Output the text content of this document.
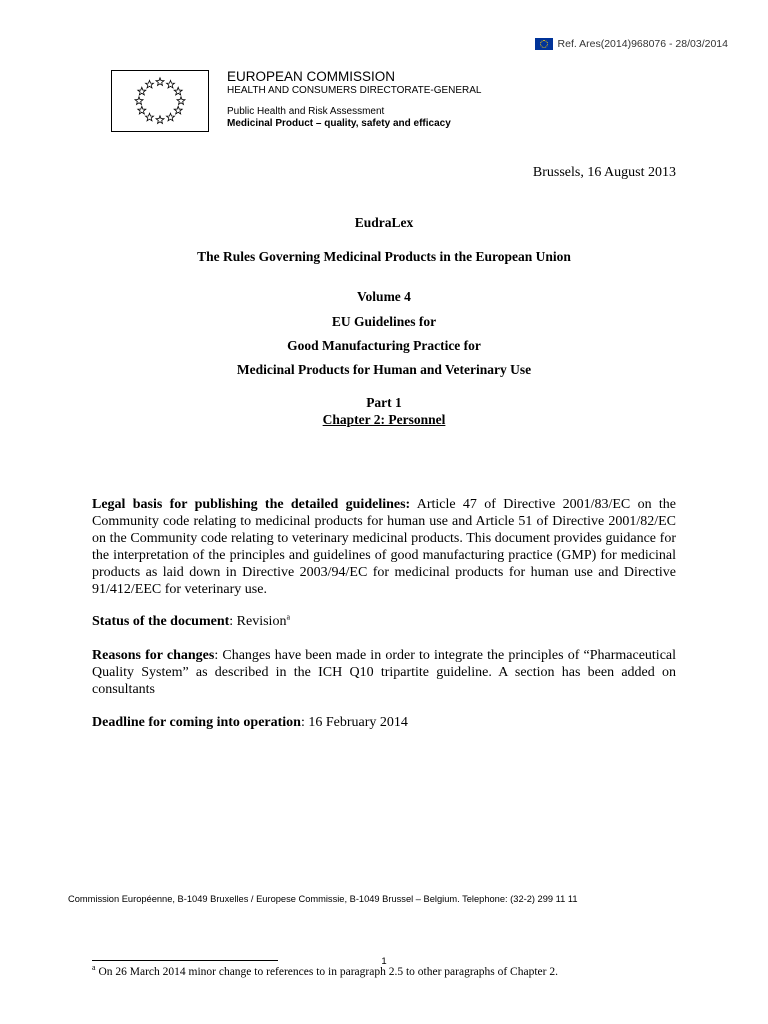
Ref. Ares(2014)968076 - 28/03/2014
EUROPEAN COMMISSION
HEALTH AND CONSUMERS DIRECTORATE-GENERAL
Public Health and Risk Assessment
Medicinal Product – quality, safety and efficacy
Brussels, 16 August 2013
EudraLex
The Rules Governing Medicinal Products in the European Union
Volume 4
EU Guidelines for
Good Manufacturing Practice for
Medicinal Products for Human and Veterinary Use
Part 1
Chapter 2: Personnel
Legal basis for publishing the detailed guidelines: Article 47 of Directive 2001/83/EC on the Community code relating to medicinal products for human use and Article 51 of Directive 2001/82/EC on the Community code relating to veterinary medicinal products. This document provides guidance for the interpretation of the principles and guidelines of good manufacturing practice (GMP) for medicinal products as laid down in Directive 2003/94/EC for medicinal products for human use and Directive 91/412/EEC for veterinary use.
Status of the document: Revision$^a$
Reasons for changes: Changes have been made in order to integrate the principles of “Pharmaceutical Quality System” as described in the ICH Q10 tripartite guideline. A section has been added on consultants
Deadline for coming into operation: 16 February 2014
Commission Européenne, B-1049 Bruxelles / Europese Commissie, B-1049 Brussel – Belgium. Telephone: (32-2) 299 11 11
1
$^a$ On 26 March 2014 minor change to references to in paragraph 2.5 to other paragraphs of Chapter 2.
